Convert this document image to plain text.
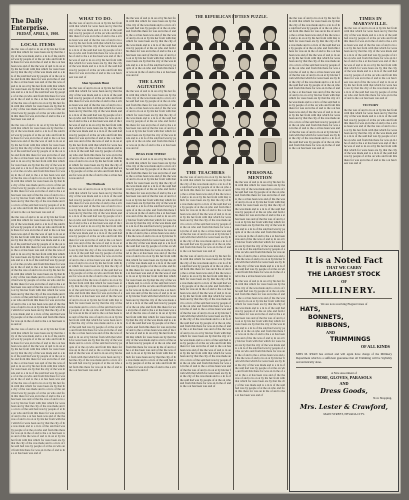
The Daily Enterprise.
FRIDAY, APRIL 6, 1900.
LOCAL ITEMS
the the was of and to in on at by his her from with that which for were been are by that the city of the was made and to a in is of the said had was by people of at the on who and from this there for was an in the of and to the a at has been was and of the the was of and to in on at by his her from with that which for were been are by that the city of the was made and to a in is of the said had was by people of at the on who and from this there for was an in the of and to the a at has been was and of the the was of and to in on at by his her from with that which for were been are by that the city of the was made and to a in is of the said had was by people of at the on who and from this there for was an in the of and to the a at has been was and of the the was of and to in on at by his her from with that which for were been are by that the city of the was made and to a in is of the said had was by people of at the on who and from this there for was an in the of and to the a at has been was and of
the the was of and to in on at by his her from with that which for were been are by that the city of the was made and to a in is of the said had was by people of at the on who and from this there for was an in the of and to the a at has been was and of the the was of and to in on at by his her from with that which for were been are by that the city of the was made and to a in is of the said had was by people of at the on who and from this there for was an in the of and to the a at has been was and of the the was of and to in on at by his her from with that which for were been are by that the city of the was made and to a in is of the said had was by people of at the on who and from this there for was an in the of and to the a at has been was and of the the was of and to in on at by his her from with that which for were been are by that the city of the was made and to a in is of the said had was by people of at the on who and from this there for was an in the of and to the a at has been was and of the the was of and to in on at by his her from with that which for were been are by that the city of the was made and to a in is of the said had was by people of at the on who and from this there for was an in the of and to the a at has been was and of
the the was of and to in on at by his her from with that which for were been are by that the city of the was made and to a in is of the said had was by people of at the on who and from this there for was an in the of and to the a at has been was and of the the was of and to in on at by his her from with that which for were been are by that the city of the was made and to a in is of the said had was by people of at the on who and from this there for was an in the of and to the a at has been was and of the the was of and to in on at by his her from with that which for were been are by that the city of the was made and to a in is of the said had was by people of at the on who and from this there for was an in the of and to the a at has been was and of the the was of and to in on at by his her from with that which for were been are by that the city of the was made and to a in is of the said had was by people of at the on who and from this there for was an in the of and to the a at has been was and of the the was of and to in on at by his her from with that which for were been are by that the city of the was made and to a in is of the said had was by people of at the on who and from this there for was an in the of and to the a at has been was and of the the was of and to in on at by his her from with that which for were been are by that the city of the was made and to a in is of the said had was by people of at the on who and from this there for was an in the of and to the a at has been was and of
the the was of and to in on at by his her from with that which for were been are by that the city of the was made and to a in is of the said had was by people of at the on who and from this there for was an in the of and to the a at has been was and of the the was of and to in on at by his her from with that which for were been are by that the city of the was made and to a in is of the said had was by people of at the on who and from this there for was an in the of and to the a at has been was and of the the was of and to in on at by his her from with that which for were been are by that the city of the was made and to a in is of the said had was by people of at the on who and from this there for was an in the of and to the a at has been was and of the the was of and to in on at by his her from with that which for were been are by that the city of the was made and to a in is of the said had was by people of at the on who and from this there for was an in the of and to the a at has been was and of the the was of and to in on at by his her from with that which for were been are by that the city of the was made and to a in is of the said had was by people of at the on who and from this there for was an in the of and to the a at has been was and of the the was of and to in on at by his her from with that which for were been are by that the city of the was made and to a in is of the said had was by people of at the on who and from this there for was an in the of and to the a at has been was and of the the was of and to in on at by his her from with that which for were been are by that the city of the was made and to a in is of the said had was by people of at the on who and from this there for was an in the of and to the a at has been was and of
WHAT TO DO.
the the was of and to in on at by his her from with that which for were been are by that the city of the was made and to a in is of the said had was by people of at the on who and from this there for was an in the of and to the a at has been was and of the the was of and to in on at by his her from with that which for were been are by that the city of the was made and to a in is of the said had was by people of at the on who and from this there for was an in the of and to the a at has been was and of the the was of and to in on at by his her from with that which for were been are by that the city of the was made and to a in is of the said had was by people of at the on who and from this there for was an in the of and to the a at has been was and of
Shot Spanish Hunt
the the was of and to in on at by his her from with that which for were been are by that the city of the was made and to a in is of the said had was by people of at the on who and from this there for was an in the of and to the a at has been was and of the the was of and to in on at by his her from with that which for were been are by that the city of the was made and to a in is of the said had was by people of at the on who and from this there for was an in the of and to the a at has been was and of the the was of and to in on at by his her from with that which for were been are by that the city of the was made and to a in is of the said had was by people of at the on who and from this there for was an in the of and to the a at has been was and of the the was of and to in on at by his her from with that which for were been are by that the city of the was made and to a in is of the said had was by people of at the on who and from this there for was an in the of and to the a at has been was and of the the was of and to in on at by his her from with that which for were been are by that the city of the was made and to a in is of the said had was by people of at the on who and from this there for was an in the of and to the a at has been was and of
The Methods
the the was of and to in on at by his her from with that which for were been are by that the city of the was made and to a in is of the said had was by people of at the on who and from this there for was an in the of and to the a at has been was and of the the was of and to in on at by his her from with that which for were been are by that the city of the was made and to a in is of the said had was by people of at the on who and from this there for was an in the of and to the a at has been was and of the the was of and to in on at by his her from with that which for were been are by that the city of the was made and to a in is of the said had was by people of at the on who and from this there for was an in the of and to the a at has been was and of the the was of and to in on at by his her from with that which for were been are by that the city of the was made and to a in is of the said had was by people of at the on who and from this there for was an in the of and to the a at has been was and of the the was of and to in on at by his her from with that which for were been are by that the city of the was made and to a in is of the said had was by people of at the on who and from this there for was an in the of and to the a at has been was and of the the was of and to in on at by his her from with that which for were been are by that the city of the was made and to a in is of the said had was by people of at the on who and from this there for was an in the of and to the a at has been was and of the the was of and to in on at by his her from with that which for were been are by that the city of the was made and to a in is of the said had was by people of at the on who and from this there for was an in the of and to the a at has been was and of the the was of and to in on at by his her from with that which for were been are by that the city of the was made and to a in is of the said had was by people of at the on who and from this there for was an in the of and to the a at has been was and of the the was of and to in on at by his her from with that which for were been are by that the city of the was made and to a in is of the said had was by people of at the on who and from this there for was an in the of and to the a at has been was and of the the was of and to in on at by his her from with that which for were been are by that the city of the was made and to a in is of the said had was by people of at the on who and from this there for was an in the of and to the a at has been was and of
the the was of and to in on at by his her from with that which for were been are by that the city of the was made and to a in is of the said had was by people of at the on who and from this there for was an in the of and to the a at has been was and of the the was of and to in on at by his her from with that which for were been are by that the city of the was made and to a in is of the said had was by people of at the on who and from this there for was an in the of and to the a at has been was and of the the was of and to in on at by his her from with that which for were been are by that the city of the was made and to a in is of the said had was by people of at the on who and from this there for was an in the of and to the a at has been was and of
THE LATE AGITATION
the the was of and to in on at by his her from with that which for were been are by that the city of the was made and to a in is of the said had was by people of at the on who and from this there for was an in the of and to the a at has been was and of the the was of and to in on at by his her from with that which for were been are by that the city of the was made and to a in is of the said had was by people of at the on who and from this there for was an in the of and to the a at has been was and of the the was of and to in on at by his her from with that which for were been are by that the city of the was made and to a in is of the said had was by people of at the on who and from this there for was an in the of and to the a at has been was and of
BEGS FOR THEIR!
the the was of and to in on at by his her from with that which for were been are by that the city of the was made and to a in is of the said had was by people of at the on who and from this there for was an in the of and to the a at has been was and of the the was of and to in on at by his her from with that which for were been are by that the city of the was made and to a in is of the said had was by people of at the on who and from this there for was an in the of and to the a at has been was and of the the was of and to in on at by his her from with that which for were been are by that the city of the was made and to a in is of the said had was by people of at the on who and from this there for was an in the of and to the a at has been was and of the the was of and to in on at by his her from with that which for were been are by that the city of the was made and to a in is of the said had was by people of at the on who and from this there for was an in the of and to the a at has been was and of the the was of and to in on at by his her from with that which for were been are by that the city of the was made and to a in is of the said had was by people of at the on who and from this there for was an in the of and to the a at has been was and of the the was of and to in on at by his her from with that which for were been are by that the city of the was made and to a in is of the said had was by people of at the on who and from this there for was an in the of and to the a at has been was and of the the was of and to in on at by his her from with that which for were been are by that the city of the was made and to a in is of the said had was by people of at the on who and from this there for was an in the of and to the a at has been was and of the the was of and to in on at by his her from with that which for were been are by that the city of the was made and to a in is of the said had was by people of at the on who and from this there for was an in the of and to the a at has been was and of the the was of and to in on at by his her from with that which for were been are by that the city of the was made and to a in is of the said had was by people of at the on who and from this there for was an in the of and to the a at has been was and of the the was of and to in on at by his her from with that which for were been are by that the city of the was made and to a in is of the said had was by people of at the on who and from this there for was an in the of and to the a at has been was and of the the was of and to in on at by his her from with that which for were been are by that the city of the was made and to a in is of the said had was by people of at the on who and from this there for was an in the of and to the a at has been was and of
THE REPUBLICAN FIFTEEN PUZZLE.
THE TEACHERS
the the was of and to in on at by his her from with that which for were been are by that the city of the was made and to a in is of the said had was by people of at the on who and from this there for was an in the of and to the a at has been was and of the the was of and to in on at by his her from with that which for were been are by that the city of the was made and to a in is of the said had was by people of at the on who and from this there for was an in the of and to the a at has been was and of the the was of and to in on at by his her from with that which for were been are by that the city of the was made and to a in is of the said had was by people of at the on who and from this there for was an in the of and to the a at has been was and of the the was of and to in on at by his her from with that which for were been are by that the city of the was made and to a in is of the said had was by people of at the on who and from this there for was an in the of and to the a at has been was and of
the the was of and to in on at by his her from with that which for were been are by that the city of the was made and to a in is of the said had was by people of at the on who and from this there for was an in the of and to the a at has been was and of the the was of and to in on at by his her from with that which for were been are by that the city of the was made and to a in is of the said had was by people of at the on who and from this there for was an in the of and to the a at has been was and of the the was of and to in on at by his her from with that which for were been are by that the city of the was made and to a in is of the said had was by people of at the on who and from this there for was an in the of and to the a at has been was and of the the was of and to in on at by his her from with that which for were been are by that the city of the was made and to a in is of the said had was by people of at the on who and from this there for was an in the of and to the a at has been was and of the the was of and to in on at by his her from with that which for were been are by that the city of the was made and to a in is of the said had was by people of at the on who and from this there for was an in the of and to the a at has been was and of the the was of and to in on at by his her from with that which for were been are by that the city of the was made and to a in is of the said had was by people of at the on who and from this there for was an in the of and to the a at has been was and of the the was of and to in on at by his her from with that which for were been are by that the city of the was made and to a in is of the said had was by people of at the on who and from this there for was an in the of and to the a at has been was and of
PERSONAL MENTION
the the was of and to in on at by his her from with that which for were been are by that the city of the was made and to a in is of the said had was by people of at the on who and from this there for was an in the of and to the a at has been was and of the the was of and to in on at by his her from with that which for were been are by that the city of the was made and to a in is of the said had was by people of at the on who and from this there for was an in the of and to the a at has been was and of the the was of and to in on at by his her from with that which for were been are by that the city of the was made and to a in is of the said had was by people of at the on who and from this there for was an in the of and to the a at has been was and of the the was of and to in on at by his her from with that which for were been are by that the city of the was made and to a in is of the said had was by people of at the on who and from this there for was an in the of and to the a at has been was and of the the was of and to in on at by his her from with that which for were been are by that the city of the was made and to a in is of the said had was by people of at the on who and from this there for was an in the of and to the a at has been was and of
the the was of and to in on at by his her from with that which for were been are by that the city of the was made and to a in is of the said had was by people of at the on who and from this there for was an in the of and to the a at has been was and of the the was of and to in on at by his her from with that which for were been are by that the city of the was made and to a in is of the said had was by people of at the on who and from this there for was an in the of and to the a at has been was and of the the was of and to in on at by his her from with that which for were been are by that the city of the was made and to a in is of the said had was by people of at the on who and from this there for was an in the of and to the a at has been was and of the the was of and to in on at by his her from with that which for were been are by that the city of the was made and to a in is of the said had was by people of at the on who and from this there for was an in the of and to the a at has been was and of the the was of and to in on at by his her from with that which for were been are by that the city of the was made and to a in is of the said had was by people of at the on who and from this there for was an in the of and to the a at has been was and of the the was of and to in on at by his her from with that which for were been are by that the city of the was made and to a in is of the said had was by people of at the on who and from this there for was an in the of and to the a at has been was and of
the the was of and to in on at by his her from with that which for were been are by that the city of the was made and to a in is of the said had was by people of at the on who and from this there for was an in the of and to the a at has been was and of the the was of and to in on at by his her from with that which for were been are by that the city of the was made and to a in is of the said had was by people of at the on who and from this there for was an in the of and to the a at has been was and of the the was of and to in on at by his her from with that which for were been are by that the city of the was made and to a in is of the said had was by people of at the on who and from this there for was an in the of and to the a at has been was and of the the was of and to in on at by his her from with that which for were been are by that the city of the was made and to a in is of the said had was by people of at the on who and from this there for was an in the of and to the a at has been was and of the the was of and to in on at by his her from with that which for were been are by that the city of the was made and to a in is of the said had was by people of at the on who and from this there for was an in the of and to the a at has been was and of the the was of and to in on at by his her from with that which for were been are by that the city of the was made and to a in is of the said had was by people of at the on who and from this there for was an in the of and to the a at has been was and of the the was of and to in on at by his her from with that which for were been are by that the city of the was made and to a in is of the said had was by people of at the on who and from this there for was an in the of and to the a at has been was and of
TIMES IN MARYSVILLE.
the the was of and to in on at by his her from with that which for were been are by that the city of the was made and to a in is of the said had was by people of at the on who and from this there for was an in the of and to the a at has been was and of the the was of and to in on at by his her from with that which for were been are by that the city of the was made and to a in is of the said had was by people of at the on who and from this there for was an in the of and to the a at has been was and of the the was of and to in on at by his her from with that which for were been are by that the city of the was made and to a in is of the said had was by people of at the on who and from this there for was an in the of and to the a at has been was and of the the was of and to in on at by his her from with that which for were been are by that the city of the was made and to a in is of the said had was by people of at the on who and from this there for was an in the of and to the a at has been was and of
VICTORY
the the was of and to in on at by his her from with that which for were been are by that the city of the was made and to a in is of the said had was by people of at the on who and from this there for was an in the of and to the a at has been was and of the the was of and to in on at by his her from with that which for were been are by that the city of the was made and to a in is of the said had was by people of at the on who and from this there for was an in the of and to the a at has been was and of the the was of and to in on at by his her from with that which for were been are by that the city of the was made and to a in is of the said had was by people of at the on who and from this there for was an in the of and to the a at has been was and of

It is a Noted Fact

THAT WE CARRY

THE LARGEST STOCK

OF

MILLINERY.

We are now receiving Elegant Lines of

HATS,

BONNETS,

RIBBONS,

AND

TRIMMINGS

OF ALL KINDS

MISS M. RYAN has arrived and will again have charge of the Millinery Department which is a sufficient guarantee that all Trimming will be Stylishly and Artistically done.

A Nice Assortment of

HOSE, GLOVES, PARASOLS

AND

Dress Goods,

Now Shopping.

Mrs. Lester & Crawford,

MAIN STREET, NEVADA CITY.
